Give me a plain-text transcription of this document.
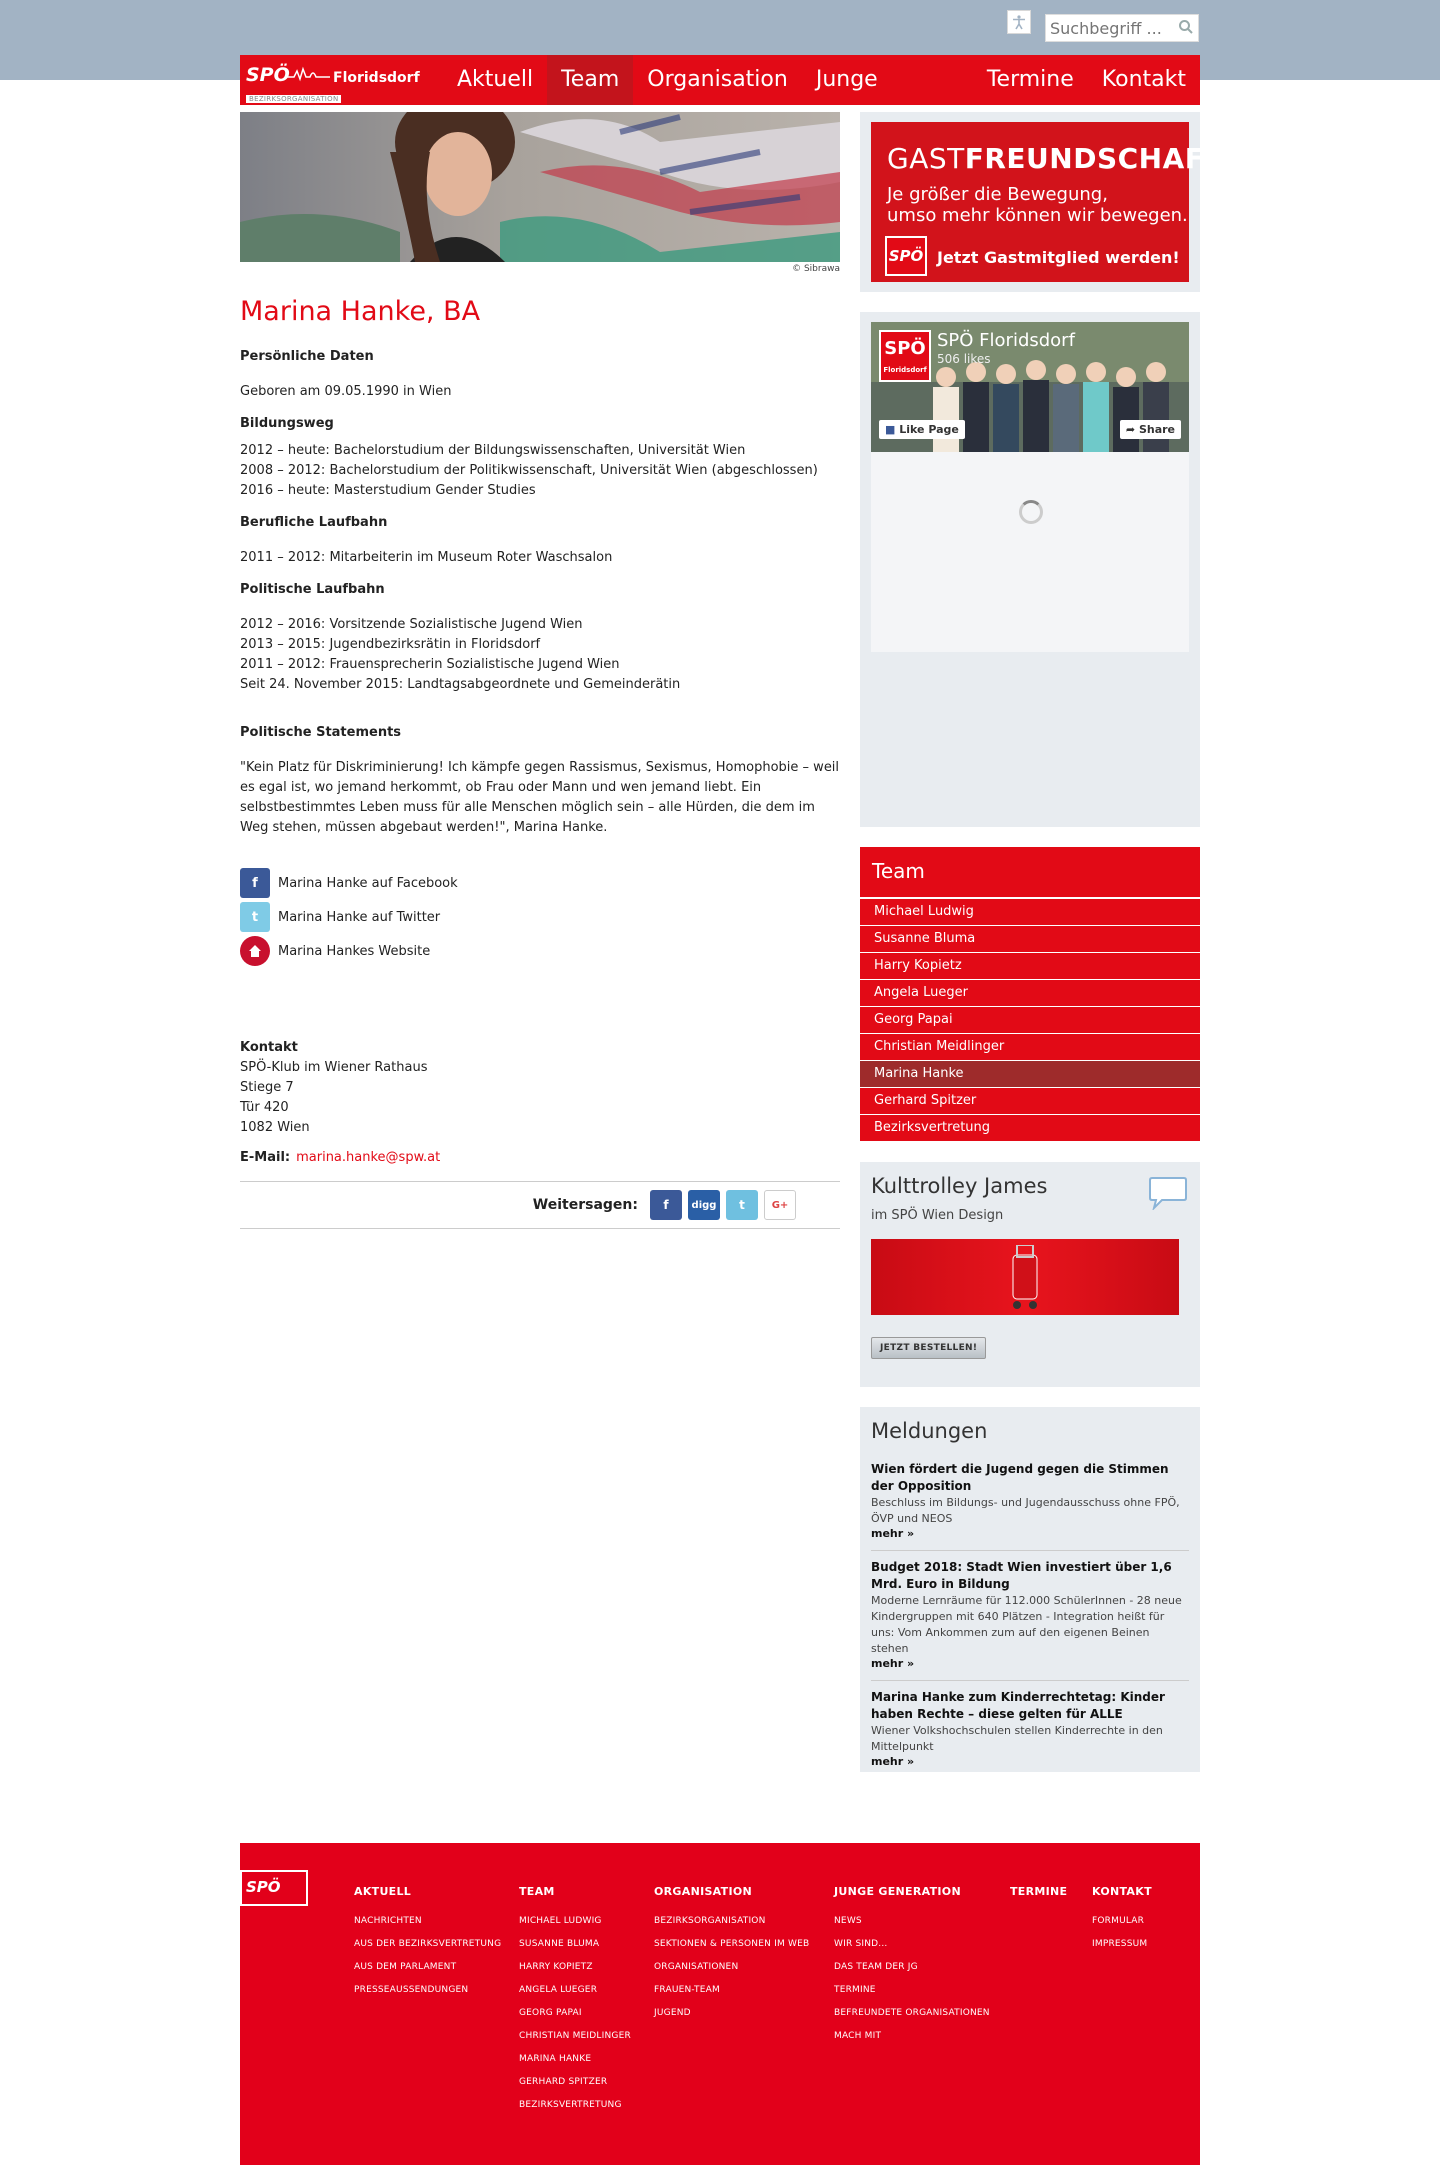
Suchbegriff ...
SPÖ	Floridsdorf
BEZIRKSORGANISATION
Aktuell	Team	Organisation	Junge	Termine	Kontakt
© Sibrawa
Marina Hanke, BA
Persönliche Daten
Geboren am 09.05.1990 in Wien
Bildungsweg
2012 – heute: Bachelorstudium der Bildungswissenschaften, Universität Wien
2008 – 2012: Bachelorstudium der Politikwissenschaft, Universität Wien (abgeschlossen)
2016 – heute: Masterstudium Gender Studies
Berufliche Laufbahn
2011 – 2012: Mitarbeiterin im Museum Roter Waschsalon
Politische Laufbahn
2012 – 2016: Vorsitzende Sozialistische Jugend Wien
2013 – 2015: Jugendbezirksrätin in Floridsdorf
2011 – 2012: Frauensprecherin Sozialistische Jugend Wien
Seit 24. November 2015: Landtagsabgeordnete und Gemeinderätin
Politische Statements
"Kein Platz für Diskriminierung! Ich kämpfe gegen Rassismus, Sexismus, Homophobie – weil es egal ist, wo jemand herkommt, ob Frau oder Mann und wen jemand liebt. Ein selbstbestimmtes Leben muss für alle Menschen möglich sein – alle Hürden, die dem im Weg stehen, müssen abgebaut werden!", Marina Hanke.
f	Marina Hanke auf Facebook
t	Marina Hanke auf Twitter
Marina Hankes Website
Kontakt
SPÖ-Klub im Wiener Rathaus
Stiege 7
Tür 420
1082 Wien
E-Mail: marina.hanke@spw.at
Weitersagen:	f	digg	t	G+
GASTFREUNDSCHAFT!
Je größer die Bewegung,
umso mehr können wir bewegen.
SPÖ Jetzt Gastmitglied werden!
SPÖ
Floridsdorf
SPÖ Floridsdorf
506 likes
■ Like Page	➦ Share
Team
Michael Ludwig
Susanne Bluma
Harry Kopietz
Angela Lueger
Georg Papai
Christian Meidlinger
Marina Hanke
Gerhard Spitzer
Bezirksvertretung
Kulttrolley James
im SPÖ Wien Design
JETZT BESTELLEN!
Meldungen
Wien fördert die Jugend gegen die Stimmen der Opposition
Beschluss im Bildungs- und Jugendausschuss ohne FPÖ, ÖVP und NEOS
mehr »
Budget 2018: Stadt Wien investiert über 1,6 Mrd. Euro in Bildung
Moderne Lernräume für 112.000 SchülerInnen - 28 neue Kindergruppen mit 640 Plätzen - Integration heißt für uns: Vom Ankommen zum auf den eigenen Beinen stehen
mehr »
Marina Hanke zum Kinderrechtetag: Kinder haben Rechte – diese gelten für ALLE
Wiener Volkshochschulen stellen Kinderrechte in den Mittelpunkt
mehr »
SPÖ	AKTUELL
NACHRICHTEN
AUS DER BEZIRKSVERTRETUNG
AUS DEM PARLAMENT
PRESSEAUSSENDUNGEN
TEAM
MICHAEL LUDWIG
SUSANNE BLUMA
HARRY KOPIETZ
ANGELA LUEGER
GEORG PAPAI
CHRISTIAN MEIDLINGER
MARINA HANKE
GERHARD SPITZER
BEZIRKSVERTRETUNG
ORGANISATION
BEZIRKSORGANISATION
SEKTIONEN & PERSONEN IM WEB
ORGANISATIONEN
FRAUEN-TEAM
JUGEND
JUNGE GENERATION
NEWS
WIR SIND...
DAS TEAM DER JG
TERMINE
BEFREUNDETE ORGANISATIONEN
MACH MIT
TERMINE KONTAKT
FORMULAR
IMPRESSUM
